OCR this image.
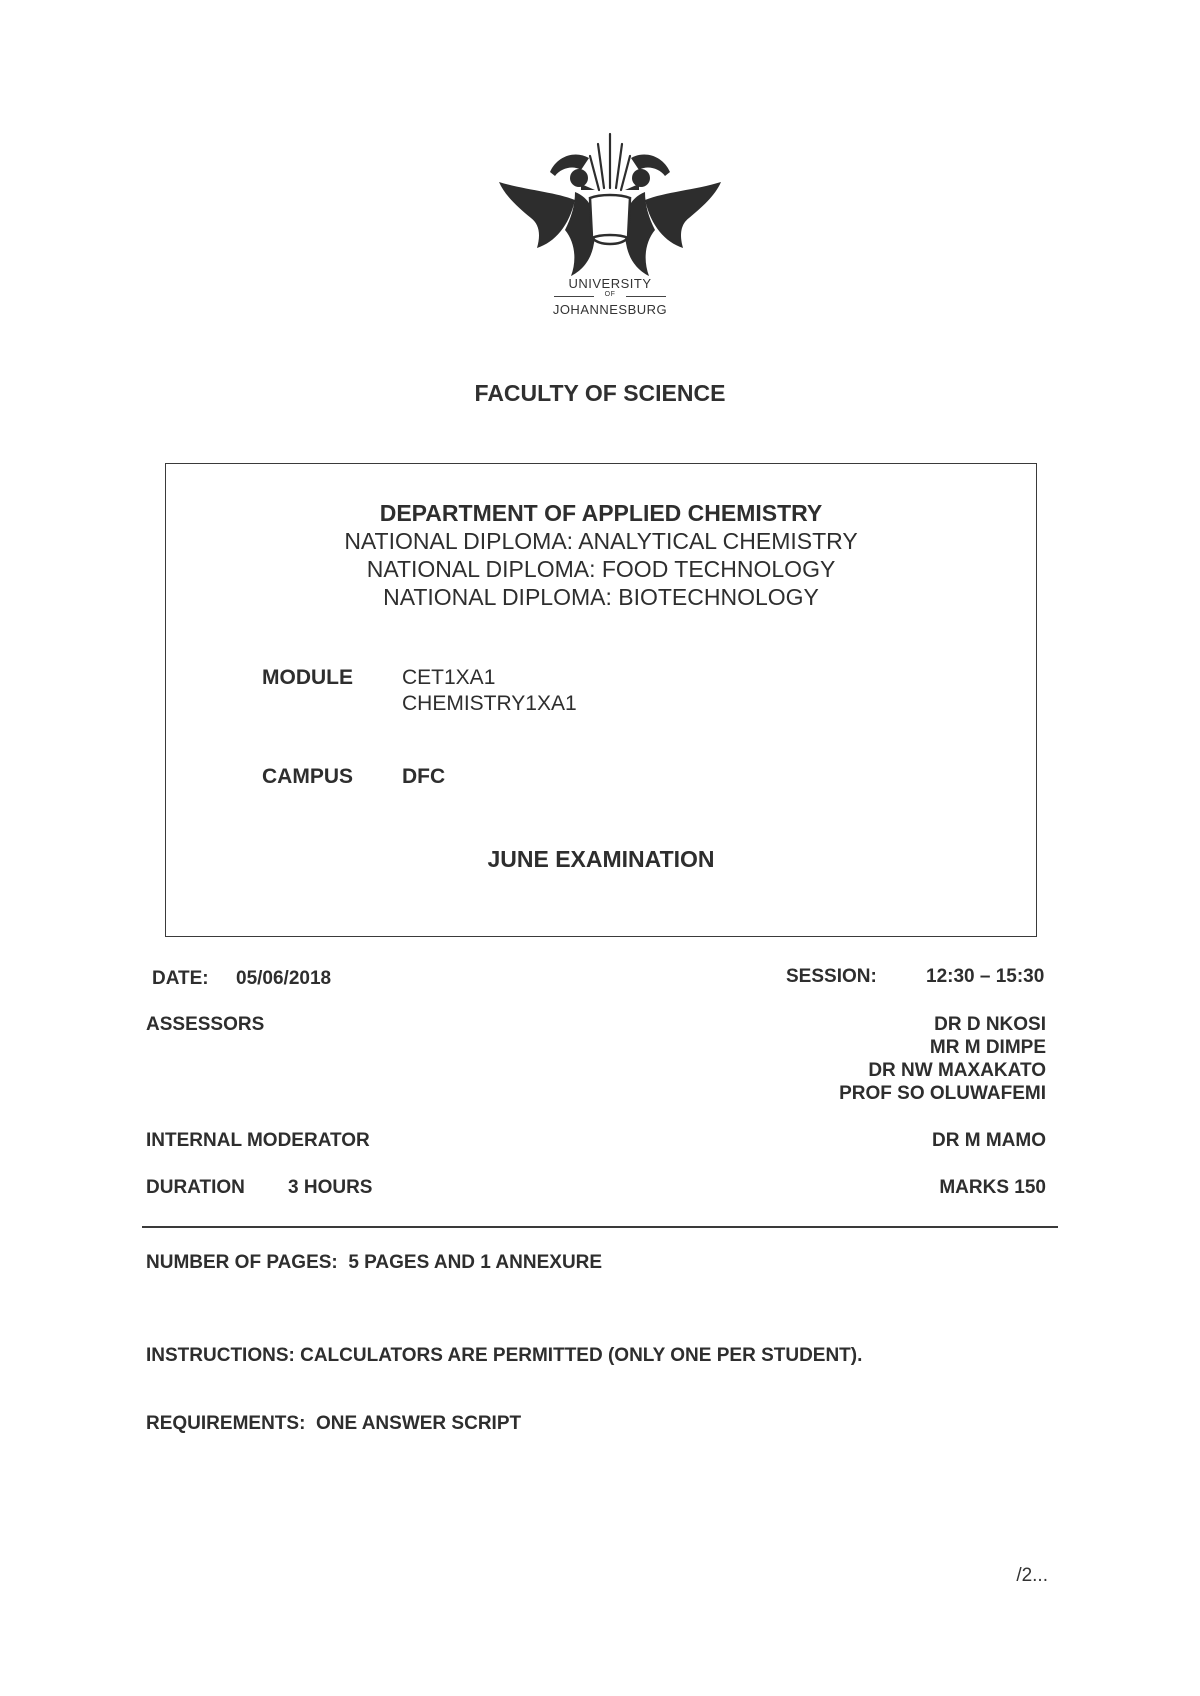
UNIVERSITY
OF
JOHANNESBURG
FACULTY OF SCIENCE
DEPARTMENT OF APPLIED CHEMISTRY
NATIONAL DIPLOMA: ANALYTICAL CHEMISTRY
NATIONAL DIPLOMA: FOOD TECHNOLOGY
NATIONAL DIPLOMA: BIOTECHNOLOGY
MODULE CET1XA1
CHEMISTRY1XA1
CAMPUS DFC
JUNE EXAMINATION
DATE: 05/06/2018	SESSION:	12:30 – 15:30
ASSESSORS	DR D NKOSI
MR M DIMPE
DR NW MAXAKATO
PROF SO OLUWAFEMI
INTERNAL MODERATOR	DR M MAMO
DURATION 3 HOURS	MARKS 150
NUMBER OF PAGES:  5 PAGES AND 1 ANNEXURE
INSTRUCTIONS: CALCULATORS ARE PERMITTED (ONLY ONE PER STUDENT).
REQUIREMENTS:  ONE ANSWER SCRIPT
/2...
